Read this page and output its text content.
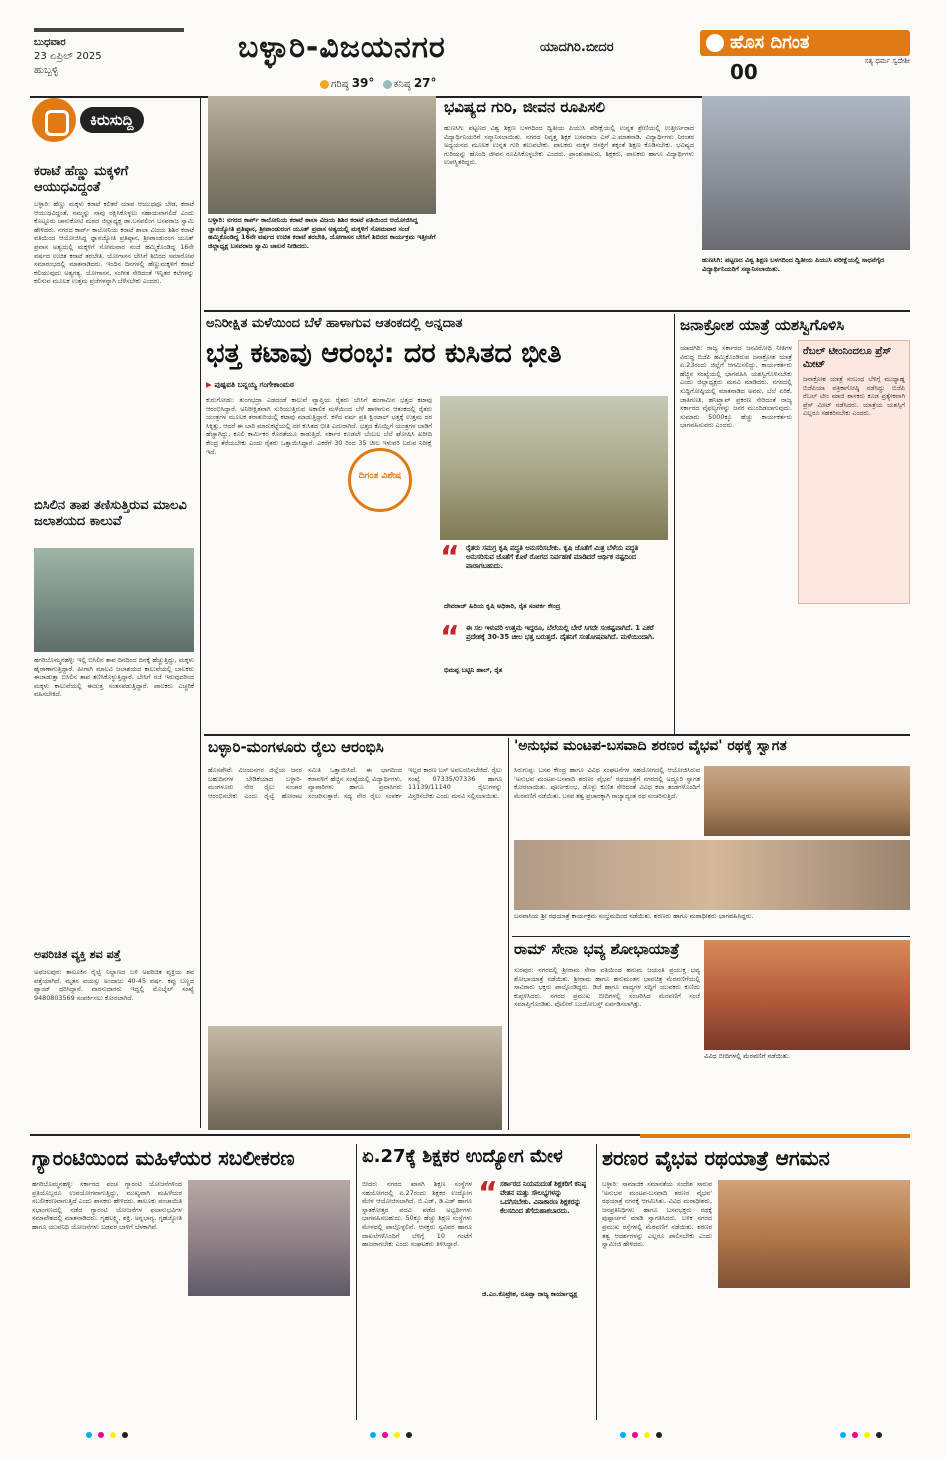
ಬುಧವಾರ
23 ಏಪ್ರಿಲ್ 2025
ಹುಬ್ಬಳ್ಳಿ
ಬಳ್ಳಾರಿ-ವಿಜಯನಗರ	ಯಾದಗಿರಿ.ಬೀದರ
ಗರಿಷ್ಠ 39° ಕನಿಷ್ಠ 27°
ಹೊಸ ದಿಗಂತ
ಸತ್ಯ ಧರ್ಮ ಸ್ವದೇಶೀ
00
ಕಿರುಸುದ್ದಿ
ಕರಾಟೆ ಹೆಣ್ಣು ಮಕ್ಕಳಿಗೆ ಆಯುಧವಿದ್ದಂತೆ
ಬಳ್ಳಾರಿ: ಹೆಣ್ಣು ಮಕ್ಕಳು ಕರಾಟೆ ಕಲಿತರೆ ಯಾವ ಆಯುಧವೂ ಬೇಡ, ಕರಾಟೆ ಆಯುಧವಿದ್ದಂತೆ, ನಮ್ಮನ್ನು ನಾವು ರಕ್ಷಿಸಿಕೊಳ್ಳಲು ಸಹಾಯವಾಗಲಿದೆ ಎಂದು ಕೊಟ್ಟೂರು ಚಾನುಕೋಟಿ ಮಠದ ಜಿಲ್ಲಾಧ್ಯಕ್ಷ ಡಾ.ಬಸವಲಿಂಗ ಬಸವರಾಜ ಸ್ವಾಮಿ ಹೇಳಿದರು. ನಗರದ ಕಾರ್ಪ್ ಕಾಲೋನಿಯ ಕರಾಟೆ ಶಾಲಾ ವಿಜಯ ಶಿಶಿರ ಕರಾಟೆ ವತಿಯಿಂದ ಆಯೋಜಿಸಿದ್ದ ಜ್ಞಾನಜ್ಯೋತಿ ಪ್ರತಿಷ್ಠಾನ, ಶ್ರೀಪಾಂಡುರಂಗ ಯೂತ್ ಪ್ರವಾಸ ಅತ್ಯಯಲ್ಲಿ ಮಕ್ಕಳಿಗೆ ಸೋಮವಾರ ಸಂಜೆ ಹಮ್ಮಿಕೊಂಡಿದ್ದ 16ನೇ ವರ್ಷದ ಉಚಿತ ಕರಾಟೆ ತರಬೇತಿ, ಯೋಗಾಸನ ಬೇಸಿಗೆ ಶಿಬಿರದ ಸಮಾರೋಪ ಸಮಾರಂಭದಲ್ಲಿ ಮಾತನಾಡಿದರು. ಇಂದಿನ ದಿನಗಳಲ್ಲಿ ಹೆಣ್ಣುಮಕ್ಕಳಿಗೆ ಕರಾಟೆ ಕಲಿಯುವುದು ಅತ್ಯಗತ್ಯ. ಯೋಗಾಸನ, ಸಂಗೀತ ಸೇರಿದಂತೆ ಇನ್ನಿತರ ಕಲೆಗಳನ್ನು ಕಲಿಸುವ ಮೂಲಕ ಉತ್ತಮ ಪ್ರಜೆಗಳನ್ನಾಗಿ ಬೆಳೆಸಬೇಕು ಎಂದರು.
ಬಿಸಿಲಿನ ತಾಪ ತಣಿಸುತ್ತಿರುವ ಮಾಲವಿ ಜಲಾಶಯದ ಕಾಲುವೆ
ಹಗರಿಬೊಮ್ಮನಹಳ್ಳಿ: ಇಲ್ಲಿ ಬಿಸಿಲಿನ ತಾಪ ದಿನದಿಂದ ದಿನಕ್ಕೆ ಹೆಚ್ಚುತ್ತಿದ್ದು, ಮಕ್ಕಳು ಹೈರಾಣಾಗುತ್ತಿದ್ದಾರೆ. ಹೀಗಾಗಿ ಮಾಲವಿ ಜಲಾಶಯದ ಕಾಲುವೆಯಲ್ಲಿ ಬಾಲಕರು ಈಜಾಡುತ್ತಾ ಬಿಸಿಲಿನ ತಾಪ ತಣಿಸಿಕೊಳ್ಳುತ್ತಿದ್ದಾರೆ. ಬೇಸಿಗೆ ರಜೆ ಇರುವುದರಿಂದ ಮಕ್ಕಳು ಕಾಲುವೆಯಲ್ಲಿ ಈಜುತ್ತ ಸಂತಸಪಡುತ್ತಿದ್ದಾರೆ. ಪಾಲಕರು ಎಚ್ಚರಿಕೆ ವಹಿಸಬೇಕಿದೆ.
ಅಪರಿಚಿತ ವ್ಯಕ್ತಿ ಶವ ಪತ್ತೆ
ಅಫಜಲಪುರ: ತಾಲೂಕಿನ ರೈಲ್ವೆ ನಿಲ್ದಾಣದ ಬಳಿ ಅಪರಿಚಿತ ವ್ಯಕ್ತಿಯ ಶವ ಪತ್ತೆಯಾಗಿದೆ. ಮೃತನ ವಯಸ್ಸು ಅಂದಾಜು 40-45 ವರ್ಷ. ಕಪ್ಪು ಬಣ್ಣದ ಪ್ಯಾಂಟ್ ಧರಿಸಿದ್ದಾನೆ. ವಾರಸುದಾರರು ಇದ್ದಲ್ಲಿ ಮೊಬೈಲ್ ಸಂಖ್ಯೆ 9480803569 ಸಂಪರ್ಕಿಸಲು ಕೋರಲಾಗಿದೆ.
ಬಳ್ಳಾರಿ: ನಗರದ ಕಾರ್ಪ್ ಕಾಲೋನಿಯ ಕರಾಟೆ ಶಾಲಾ ವಿಜಯ ಶಿಶಿರ ಕರಾಟೆ ವತಿಯಿಂದ ಆಯೋಜಿಸಿದ್ದ ಜ್ಞಾನಜ್ಯೋತಿ ಪ್ರತಿಷ್ಠಾನ, ಶ್ರೀಪಾಂಡುರಂಗ ಯೂತ್ ಪ್ರವಾಸ ಅತ್ಯಯಲ್ಲಿ ಮಕ್ಕಳಿಗೆ ಸೋಮವಾರ ಸಂಜೆ ಹಮ್ಮಿಕೊಂಡಿದ್ದ 16ನೇ ವರ್ಷದ ಉಚಿತ ಕರಾಟೆ ತರಬೇತಿ, ಯೋಗಾಸನ ಬೇಸಿಗೆ ಶಿಬಿರದ ಕಾರ್ಯಕ್ರಮ ಇತ್ತೀಚೆಗೆ ಜಿಲ್ಲಾಧ್ಯಕ್ಷ ಬಸವರಾಜ ಸ್ವಾಮಿ ಚಾಲನೆ ನೀಡಿದರು.
ಭವಿಷ್ಯದ ಗುರಿ, ಜೀವನ ರೂಪಿಸಲಿ
ಹುಣಸಿಗಿ: ಪಟ್ಟಣದ ವಿಶ್ವ ಶಿಕ್ಷಣ ಬಳಗದಿಂದ ದ್ವಿತೀಯ ಪಿಯುಸಿ ಪರೀಕ್ಷೆಯಲ್ಲಿ ಉನ್ನತ ಶ್ರೇಣಿಯಲ್ಲಿ ಉತ್ತೀರ್ಣರಾದ ವಿದ್ಯಾರ್ಥಿನಿಯರಿಗೆ ಸನ್ಮಾನಿಸಲಾಯಿತು. ನಗರದ ನಿವೃತ್ತ ಶಿಕ್ಷಕ ಬಸವರಾಜ ಎಸ್.ಎ.ಮಾತನಾಡಿ, ವಿದ್ಯಾರ್ಥಿಗಳು ನಿರಂತರ ಅಧ್ಯಯನದ ಮೂಲಕ ಉನ್ನತ ಗುರಿ ತಲುಪಬೇಕು. ಪಾಲಕರು ಮಕ್ಕಳ ಆಸಕ್ತಿಗೆ ತಕ್ಕಂತೆ ಶಿಕ್ಷಣ ಕೊಡಿಸಬೇಕು. ಭವಿಷ್ಯದ ಗುರಿಯನ್ನು ಹೊಂದಿ ಜೀವನ ರೂಪಿಸಿಕೊಳ್ಳಬೇಕು ಎಂದರು. ಪ್ರಾಂಶುಪಾಲರು, ಶಿಕ್ಷಕರು, ಪಾಲಕರು ಹಾಗೂ ವಿದ್ಯಾರ್ಥಿಗಳು ಉಪಸ್ಥಿತರಿದ್ದರು.
ಹುಣಸಿಗಿ: ಪಟ್ಟಣದ ವಿಶ್ವ ಶಿಕ್ಷಣ ಬಳಗದಿಂದ ದ್ವಿತೀಯ ಪಿಯುಸಿ ಪರೀಕ್ಷೆಯಲ್ಲಿ ಸಾಧನೆಗೈದ ವಿದ್ಯಾರ್ಥಿನಿಯರಿಗೆ ಸನ್ಮಾನಿಸಲಾಯಿತು.
ಅನಿರೀಕ್ಷಿತ ಮಳೆಯಿಂದ ಬೆಳೆ ಹಾಳಾಗುವ ಆತಂಕದಲ್ಲಿ ಅನ್ನದಾತ
ಭತ್ತ ಕಟಾವು ಆರಂಭ: ದರ ಕುಸಿತದ ಭೀತಿ
▶ ಪುಷ್ಪವತಿ ಬನ್ನಯ್ಯ ಗಂಗೇಕಾಂಮಠ
ಕುರುಗೋಡು: ತುಂಗಭದ್ರಾ ಎಡದಂಡೆ ಕಾಲುವೆ ವ್ಯಾಪ್ತಿಯ ರೈತರು ಬೇಸಿಗೆ ಹಂಗಾಮಿನ ಭತ್ತದ ಕಟಾವು ಆರಂಭಿಸಿದ್ದಾರೆ. ಅನಿರೀಕ್ಷಿತವಾಗಿ ಸುರಿಯುತ್ತಿರುವ ಅಕಾಲಿಕ ಮಳೆಯಿಂದ ಬೆಳೆ ಹಾಳಾಗುವ ಆತಂಕದಲ್ಲಿ ರೈತರು ಯಂತ್ರಗಳ ಮೂಲಕ ತರಾತುರಿಯಲ್ಲಿ ಕಟಾವು ಮಾಡುತ್ತಿದ್ದಾರೆ. ಕಳೆದ ವರ್ಷ ಪ್ರತಿ ಕ್ವಿಂಟಾಲ್ ಭತ್ತಕ್ಕೆ ಉತ್ತಮ ದರ ಸಿಕ್ಕಿತ್ತು, ಆದರೆ ಈ ಬಾರಿ ಮಾರುಕಟ್ಟೆಯಲ್ಲಿ ದರ ಕುಸಿತದ ಭೀತಿ ಎದುರಾಗಿದೆ. ಭತ್ತದ ಕೊಯ್ಲಿಗೆ ಯಂತ್ರಗಳ ಬಾಡಿಗೆ ಹೆಚ್ಚಾಗಿದ್ದು, ಕೂಲಿ ಕಾರ್ಮಿಕರ ಕೊರತೆಯೂ ಕಾಡುತ್ತಿದೆ. ಸರ್ಕಾರ ಕೂಡಲೇ ಬೆಂಬಲ ಬೆಲೆ ಘೋಷಿಸಿ ಖರೀದಿ ಕೇಂದ್ರ ತೆರೆಯಬೇಕು ಎಂದು ರೈತರು ಒತ್ತಾಯಿಸಿದ್ದಾರೆ. ಎಕರೆಗೆ 30 ರಿಂದ 35 ಚೀಲ ಇಳುವರಿ ಬರುವ ನಿರೀಕ್ಷೆ ಇದೆ.
ದಿಗಂತ ವಿಶೇಷ
“ ರೈತರು ಸಮಗ್ರ ಕೃಷಿ ಪದ್ಧತಿ ಅನುಸರಿಸಬೇಕು. ಕೃಷಿ ಜೊತೆಗೆ ಮಿತ್ರ ಬೆಳೆಯ ಪದ್ಧತಿ ಅನುಸರಿಸುವ ಜೊತೆಗೆ ಕೊಳೆ ರೋಗದ ನಿರ್ವಹಣೆ ಮಾಡಿದರೆ ಆರ್ಥಿಕ ನಷ್ಟದಿಂದ ಪಾರಾಗಬಹುದು.
ದೇವರಾಜ್ ಹಿರಿಯ ಕೃಷಿ ಅಧಿಕಾರಿ, ರೈತ ಸಂಪರ್ಕ ಕೇಂದ್ರ
“ ಈ ಸಲ ಇಳುವರಿ ಉತ್ತಮ ಇದ್ದರೂ, ಬೆಲೆಯಲ್ಲಿ ಬೇರೆ ಸಿಗದೇ ಸಂಕಷ್ಟವಾಗಿದೆ. 1 ಎಕರೆ ಪ್ರದೇಶಕ್ಕೆ 30-35 ಚೀಲ ಭತ್ತ ಬರುತ್ತದೆ. ದೈತನಿಗೆ ಸಂತೋಷವಾಗಿದೆ. ಮಳೆಯಿಂದಾಗಿ.
ಭಿಮಪ್ಪ ಬಟ್ಟಿನಿ ಹಾಲ್, ರೈತ
ಜನಾಕ್ರೋಶ ಯಾತ್ರೆ ಯಶಸ್ವಿಗೊಳಿಸಿ
ಯಾದಗಿರಿ: ರಾಜ್ಯ ಸರ್ಕಾರದ ಜನವಿರೋಧಿ ನೀತಿಗಳ ವಿರುದ್ಧ ಬಿಜೆಪಿ ಹಮ್ಮಿಕೊಂಡಿರುವ ಜನಾಕ್ರೋಶ ಯಾತ್ರೆ ಏ.23ರಂದು ಜಿಲ್ಲೆಗೆ ಆಗಮಿಸಲಿದ್ದು, ಕಾರ್ಯಕರ್ತರು ಹೆಚ್ಚಿನ ಸಂಖ್ಯೆಯಲ್ಲಿ ಭಾಗವಹಿಸಿ ಯಶಸ್ವಿಗೊಳಿಸಬೇಕು ಎಂದು ಜಿಲ್ಲಾಧ್ಯಕ್ಷರು ಮನವಿ ಮಾಡಿದರು. ನಗರದಲ್ಲಿ ಸುದ್ದಿಗೋಷ್ಠಿಯಲ್ಲಿ ಮಾತನಾಡಿದ ಅವರು, ಬೆಲೆ ಏರಿಕೆ, ಜಾತಿಗಣತಿ, ಹನಿಟ್ರ್ಯಾಪ್ ಪ್ರಕರಣ ಸೇರಿದಂತೆ ರಾಜ್ಯ ಸರ್ಕಾರದ ವೈಫಲ್ಯಗಳನ್ನು ಜನರ ಮುಂದಿಡಲಾಗುವುದು. ಸುಮಾರು 5000ಕ್ಕೂ ಹೆಚ್ಚು ಕಾರ್ಯಕರ್ತರು ಭಾಗವಹಿಸುವರು ಎಂದರು.
ರೆಬಲ್ ಟೀಂನಿಂದಲೂ ಪ್ರೆಸ್ ಮೀಟ್
ಜನಾಕ್ರೋಶ ಯಾತ್ರೆ ಸಂಬಂಧ ಬೆಳಿಗ್ಗೆ ಮುಧ್ಯಾಹ್ನ ಬಿಜೆಪಿಯಾ ಪತ್ರಿಕಾಗೋಷ್ಠಿ ನಡೆಸಿದ್ದು ಬಿಜೆಪಿ ರೆಬಲ್ ಟೀಂ ಮಾಜಿ ಶಾಸಕರು ಕೂಡ ಪ್ರತ್ಯೇಕವಾಗಿ ಪ್ರೆಸ್ ಮೀಟ್ ನಡೆಸಿದರು. ಯಾತ್ರೆಯ ಯಶಸ್ಸಿಗೆ ಎಲ್ಲರೂ ಸಹಕರಿಸಬೇಕು ಎಂದರು.
ಬಳ್ಳಾರಿ-ಮಂಗಳೂರು ರೈಲು ಆರಂಭಿಸಿ
ಹೊಸಪೇಟೆ: ವಿಜಯನಗರ ಜಿಲ್ಲೆಯ ಜನರ ಬಹುದಿನಗಳ ಬೇಡಿಕೆಯಾದ ಬಳ್ಳಾರಿ-ಮಂಗಳೂರು ನೇರ ರೈಲು ಸಂಚಾರ ಆರಂಭಿಸಬೇಕು ಎಂದು ರೈಲ್ವೆ ಹೋರಾಟ ಸಮಿತಿ ಒತ್ತಾಯಿಸಿದೆ. ಈ ಭಾಗದಿಂದ ಕರಾವಳಿಗೆ ಹೆಚ್ಚಿನ ಸಂಖ್ಯೆಯಲ್ಲಿ ವಿದ್ಯಾರ್ಥಿಗಳು, ವ್ಯಾಪಾರಿಗಳು ಹಾಗೂ ಪ್ರವಾಸಿಗರು ಸಂಚರಿಸುತ್ತಾರೆ. ಸದ್ಯ ನೇರ ರೈಲು ಸಂಪರ್ಕ ಇಲ್ಲದ ಕಾರಣ ಬಸ್ ಅವಲಂಬಿಸಬೇಕಿದೆ. ರೈಲು ಸಂಖ್ಯೆ 07335/07336 ಹಾಗೂ 11139/11140 ರೈಲುಗಳನ್ನು ವಿಸ್ತರಿಸಬೇಕು ಎಂದು ಮನವಿ ಸಲ್ಲಿಸಲಾಯಿತು.
'ಅನುಭವ ಮಂಟಪ-ಬಸವಾದಿ ಶರಣರ ವೈಭವ' ರಥಕ್ಕೆ ಸ್ವಾಗತ
ಸಿರುಗುಪ್ಪ: ಬಸವ ಕೇಂದ್ರ ಹಾಗೂ ವಿವಿಧ ಸಂಘಟನೆಗಳ ಸಹಯೋಗದಲ್ಲಿ ಆಯೋಜಿಸಿರುವ 'ಅನುಭವ ಮಂಟಪ-ಬಸವಾದಿ ಶರಣರ ವೈಭವ' ರಥಯಾತ್ರೆಗೆ ನಗರದಲ್ಲಿ ಅದ್ಧೂರಿ ಸ್ವಾಗತ ಕೋರಲಾಯಿತು. ಪೂರ್ಣಕುಂಭ, ಡೊಳ್ಳು ಕುಣಿತ ಸೇರಿದಂತೆ ವಿವಿಧ ಕಲಾ ತಂಡಗಳೊಂದಿಗೆ ಮೆರವಣಿಗೆ ನಡೆಯಿತು. ಬಸವ ತತ್ವ ಪ್ರಚಾರಕ್ಕಾಗಿ ರಾಜ್ಯಾದ್ಯಂತ ರಥ ಸಂಚರಿಸುತ್ತಿದೆ.
ಬನವಾಸಿಯ ಶ್ರೀ ರಥಯಾತ್ರೆ ಕಾರ್ಯಕ್ರಮ ಸಂಭ್ರಮದಿಂದ ನಡೆಯಿತು. ಶರಣರು ಹಾಗೂ ಮಠಾಧೀಶರು ಭಾಗವಹಿಸಿದ್ದರು.
ರಾಮ್ ಸೇನಾ ಭವ್ಯ ಶೋಭಾಯಾತ್ರೆ
ಸುರಪುರ: ನಗರದಲ್ಲಿ ಶ್ರೀರಾಮ ಸೇನಾ ವತಿಯಿಂದ ಹನುಮ ಜಯಂತಿ ಪ್ರಯುಕ್ತ ಭವ್ಯ ಶೋಭಾಯಾತ್ರೆ ನಡೆಯಿತು. ಶ್ರೀರಾಮ ಹಾಗೂ ಹನುಮಂತನ ಭಾವಚಿತ್ರ ಮೆರವಣಿಗೆಯಲ್ಲಿ ಸಾವಿರಾರು ಭಕ್ತರು ಪಾಲ್ಗೊಂಡಿದ್ದರು. ಡಿಜೆ ಹಾಗೂ ವಾದ್ಯಗಳ ಸದ್ದಿಗೆ ಯುವಕರು ಕುಣಿದು ಕುಪ್ಪಳಿಸಿದರು. ನಗರದ ಪ್ರಮುಖ ಬೀದಿಗಳಲ್ಲಿ ಸಂಚರಿಸಿದ ಮೆರವಣಿಗೆ ಸಂಜೆ ಸಮಾಪ್ತಿಗೊಂಡಿತು. ಪೊಲೀಸ್ ಬಂದೋಬಸ್ತ್ ಏರ್ಪಡಿಸಲಾಗಿತ್ತು.
ವಿವಿಧ ಬೀದಿಗಳಲ್ಲಿ ಮೆರವಣಿಗೆ ನಡೆಯಿತು.
ಗ್ಯಾರಂಟಿಯಿಂದ ಮಹಿಳೆಯರ ಸಬಲೀಕರಣ
ಹಗರಿಬೊಮ್ಮನಹಳ್ಳಿ: ಸರ್ಕಾರದ ಪಂಚ ಗ್ಯಾರಂಟಿ ಯೋಜನೆಗಳಿಂದ ಪ್ರತಿಯೊಬ್ಬರೂ ಉಪಯೋಗವಾಗುತ್ತಿದ್ದು, ಮುಖ್ಯವಾಗಿ ಮಹಿಳೆಯರ ಸಬಲೀಕರಣವಾಗುತ್ತಿದೆ ಎಂದು ಶಾಸಕರು ಹೇಳಿದರು. ತಾಲೂಕು ಪಂಚಾಯಿತಿ ಸಭಾಂಗಣದಲ್ಲಿ ನಡೆದ ಗ್ಯಾರಂಟಿ ಯೋಜನೆಗಳ ಫಲಾನುಭವಿಗಳ ಸಮಾವೇಶದಲ್ಲಿ ಮಾತನಾಡಿದರು. ಗೃಹಲಕ್ಷ್ಮಿ, ಶಕ್ತಿ, ಅನ್ನಭಾಗ್ಯ, ಗೃಹಜ್ಯೋತಿ ಹಾಗೂ ಯುವನಿಧಿ ಯೋಜನೆಗಳು ಬಡವರ ಬಾಳಿಗೆ ಬೆಳಕಾಗಿವೆ.
ಏ.27ಕ್ಕೆ ಶಿಕ್ಷಕರ ಉದ್ಯೋಗ ಮೇಳ
ಬೀದರ: ನಗರದ ಖಾಸಗಿ ಶಿಕ್ಷಣ ಸಂಸ್ಥೆಗಳ ಸಹಯೋಗದಲ್ಲಿ ಏ.27ರಂದು ಶಿಕ್ಷಕರ ಉದ್ಯೋಗ ಮೇಳ ಆಯೋಜಿಸಲಾಗಿದೆ. ಬಿ.ಎಡ್, ಡಿ.ಎಡ್ ಹಾಗೂ ಸ್ನಾತಕೋತ್ತರ ಪದವಿ ಪಡೆದ ಅಭ್ಯರ್ಥಿಗಳು ಭಾಗವಹಿಸಬಹುದು. 50ಕ್ಕೂ ಹೆಚ್ಚು ಶಿಕ್ಷಣ ಸಂಸ್ಥೆಗಳು ಮೇಳದಲ್ಲಿ ಪಾಲ್ಗೊಳ್ಳಲಿವೆ. ಆಸಕ್ತರು ಸ್ವವಿವರ ಹಾಗೂ ದಾಖಲೆಗಳೊಂದಿಗೆ ಬೆಳಿಗ್ಗೆ 10 ಗಂಟೆಗೆ ಹಾಜರಾಗಬೇಕು ಎಂದು ಸಂಘಟಕರು ತಿಳಿಸಿದ್ದಾರೆ.
“ ಸರ್ಕಾರದ ನಿಯಮದಂತೆ ಶಿಕ್ಷಕರಿಗೆ ಕನಿಷ್ಠ ವೇತನ ಮತ್ತು ಸೌಲಭ್ಯಗಳನ್ನು ಒದಗಿಸಬೇಕು. ವಿನಾಕಾರಣ ಶಿಕ್ಷಕರನ್ನು ಕೆಲಸದಿಂದ ತೆಗೆದುಹಾಕಬಾರದು.
ಜಿ.ಎಂ.ಕೊಟ್ರೇಶ, ರೂಪ್ಸಾ ರಾಜ್ಯ ಕಾರ್ಯಾಧ್ಯಕ್ಷ
ಶರಣರ ವೈಭವ ರಥಯಾತ್ರೆ ಆಗಮನ
ಬಳ್ಳಾರಿ: ಸಾಮಾಜಿಕ ಸಮಾನತೆಯ ಸಂದೇಶ ಸಾರುವ 'ಅನುಭವ ಮಂಟಪ-ಬಸವಾದಿ ಶರಣರ ವೈಭವ' ರಥಯಾತ್ರೆ ನಗರಕ್ಕೆ ಆಗಮಿಸಿತು. ವಿವಿಧ ಮಠಾಧೀಶರು, ಜನಪ್ರತಿನಿಧಿಗಳು ಹಾಗೂ ಬಸವಭಕ್ತರು ರಥಕ್ಕೆ ಪುಷ್ಪಾರ್ಚನೆ ಮಾಡಿ ಸ್ವಾಗತಿಸಿದರು. ಬಳಿಕ ನಗರದ ಪ್ರಮುಖ ರಸ್ತೆಗಳಲ್ಲಿ ಮೆರವಣಿಗೆ ನಡೆಯಿತು. ಶರಣರ ತತ್ವ ಆದರ್ಶಗಳನ್ನು ಎಲ್ಲರೂ ಪಾಲಿಸಬೇಕು ಎಂದು ಸ್ವಾಮೀಜಿ ಹೇಳಿದರು.
